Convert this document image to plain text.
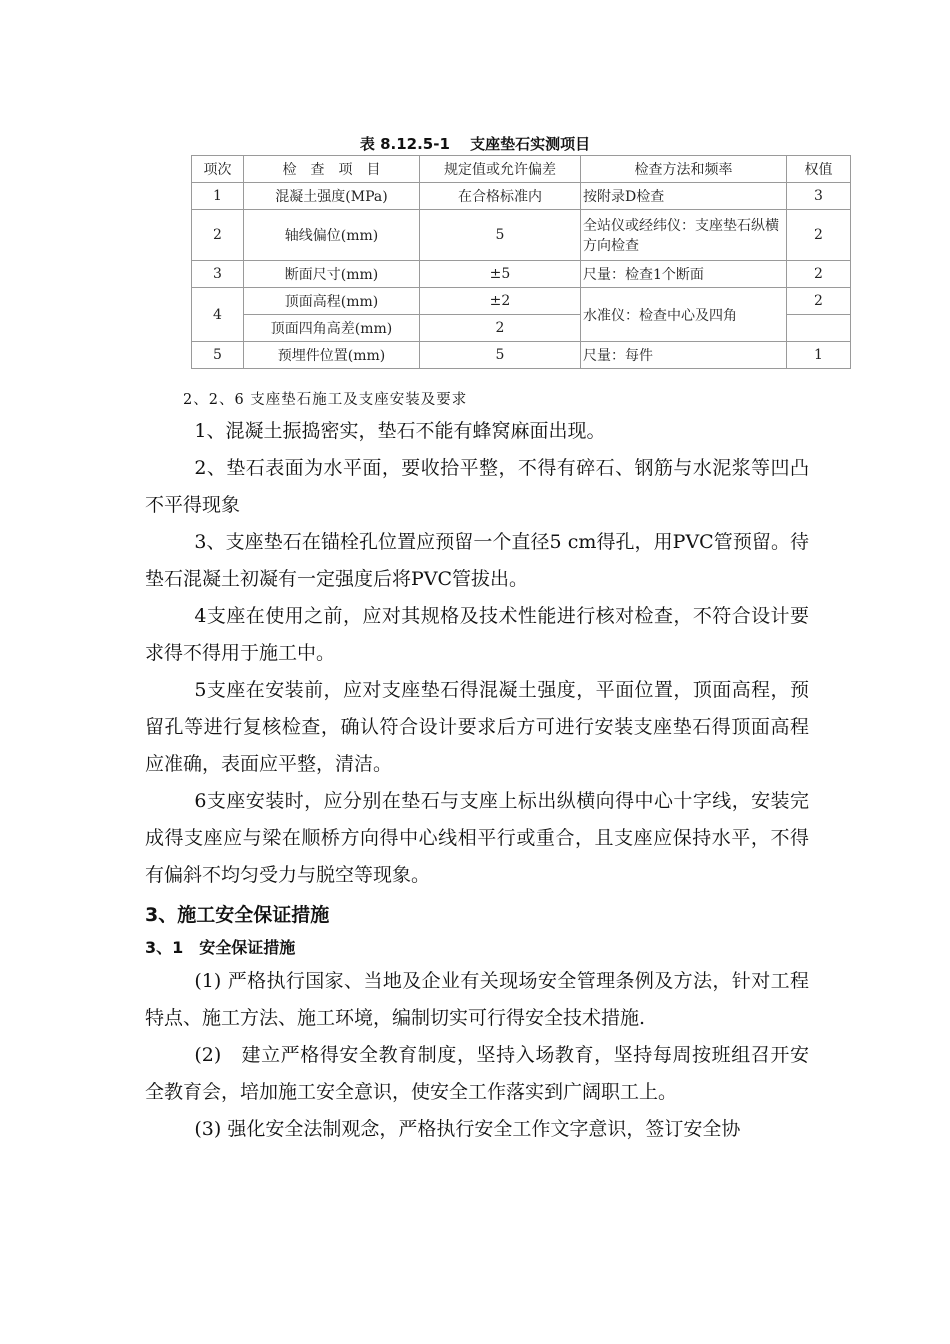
表 8.12.5-1　 支座垫石实测项目
项次	检　查　项　目	规定值或允许偏差	检查方法和频率	权值
1	混凝土强度(MPa)	在合格标准内	按附录D检查	3
2	轴线偏位(mm)	5	全站仪或经纬仪：支座垫石纵横方向检查	2
3	断面尺寸(mm)	±5	尺量：检查1个断面	2
4	顶面高程(mm)	±2	水准仪：检查中心及四角	2
	顶面四角高差(mm)	2		
5	预埋件位置(mm)	5	尺量：每件	1
2、2、6 支座垫石施工及支座安装及要求

1、混凝土振捣密实，垫石不能有蜂窝麻面出现。

2、垫石表面为水平面，要收拾平整，不得有碎石、钢筋与水泥浆等凹凸不平得现象

3、支座垫石在锚栓孔位置应预留一个直径5 cm得孔，用PVC管预留。待垫石混凝土初凝有一定强度后将PVC管拔出。

4支座在使用之前，应对其规格及技术性能进行核对检查，不符合设计要求得不得用于施工中。

5支座在安装前，应对支座垫石得混凝土强度，平面位置，顶面高程，预留孔等进行复核检查，确认符合设计要求后方可进行安装支座垫石得顶面高程应准确，表面应平整，清洁。

6支座安装时，应分别在垫石与支座上标出纵横向得中心十字线，安装完成得支座应与梁在顺桥方向得中心线相平行或重合，且支座应保持水平，不得有偏斜不均匀受力与脱空等现象。

3、施工安全保证措施
3、1　安全保证措施

(1) 严格执行国家、当地及企业有关现场安全管理条例及方法，针对工程特点、施工方法、施工环境，编制切实可行得安全技术措施.

(2)　建立严格得安全教育制度，坚持入场教育，坚持每周按班组召开安全教育会，培加施工安全意识，使安全工作落实到广阔职工上。

(3) 强化安全法制观念，严格执行安全工作文字意识，签订安全协
